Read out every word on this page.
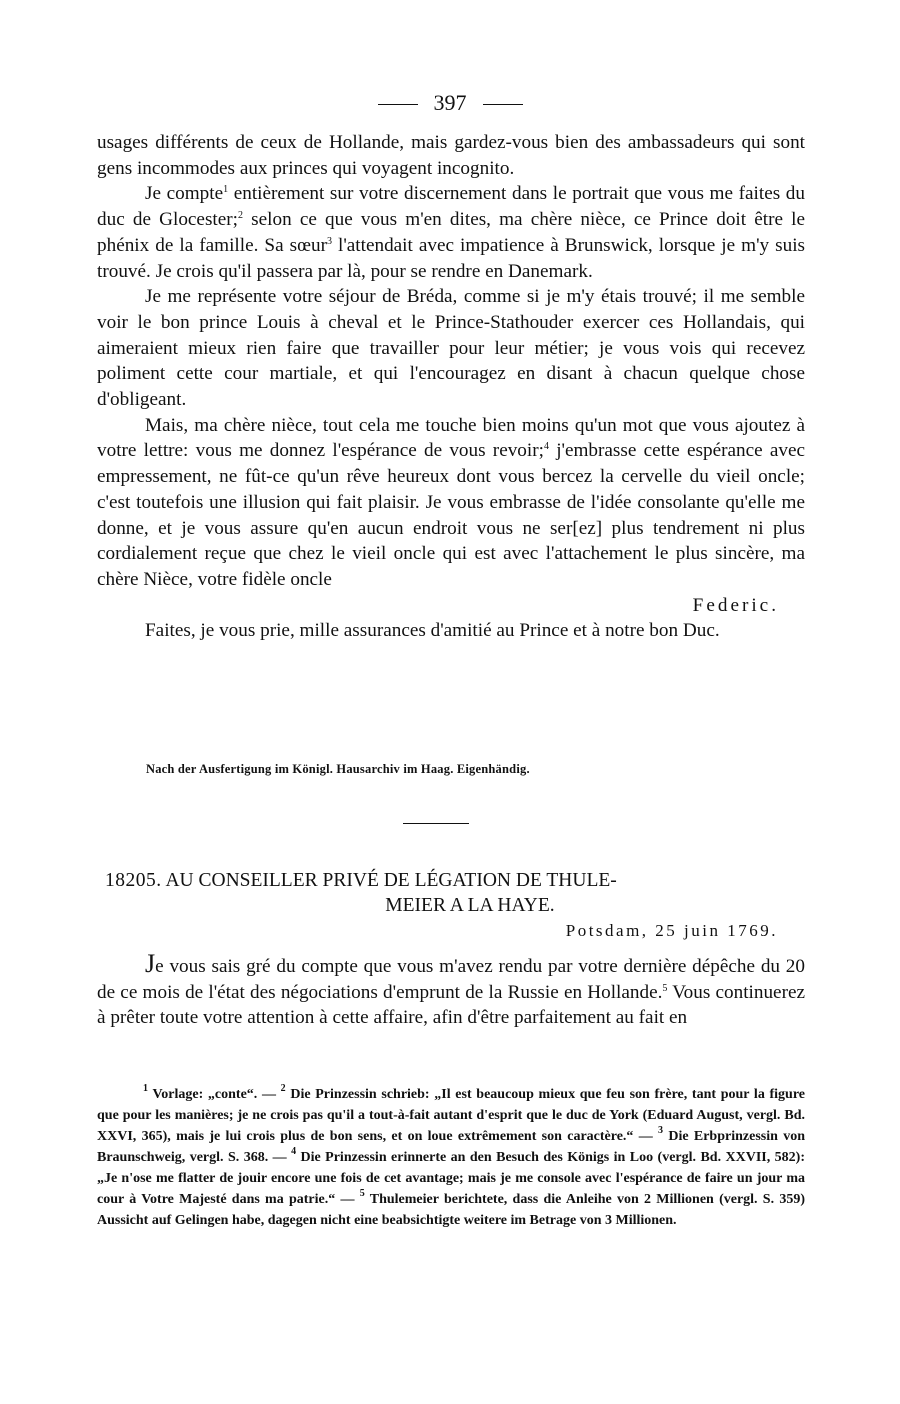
397

usages différents de ceux de Hollande, mais gardez-vous bien des ambassadeurs qui sont gens incommodes aux princes qui voyagent incognito.

Je compte$^1$ entièrement sur votre discernement dans le portrait que vous me faites du duc de Glocester;$^2$ selon ce que vous m'en dites, ma chère nièce, ce Prince doit être le phénix de la famille. Sa sœur$^3$ l'attendait avec impatience à Brunswick, lorsque je m'y suis trouvé. Je crois qu'il passera par là, pour se rendre en Danemark.

Je me représente votre séjour de Bréda, comme si je m'y étais trouvé; il me semble voir le bon prince Louis à cheval et le Prince-Stathouder exercer ces Hollandais, qui aimeraient mieux rien faire que travailler pour leur métier; je vous vois qui recevez poliment cette cour martiale, et qui l'encouragez en disant à chacun quelque chose d'obligeant.

Mais, ma chère nièce, tout cela me touche bien moins qu'un mot que vous ajoutez à votre lettre: vous me donnez l'espérance de vous revoir;$^4$ j'embrasse cette espérance avec empressement, ne fût-ce qu'un rêve heureux dont vous bercez la cervelle du vieil oncle; c'est toutefois une illusion qui fait plaisir. Je vous embrasse de l'idée consolante qu'elle me donne, et je vous assure qu'en aucun endroit vous ne ser[ez] plus tendrement ni plus cordialement reçue que chez le vieil oncle qui est avec l'attachement le plus sincère, ma chère Nièce, votre fidèle oncle

Federic.

Faites, je vous prie, mille assurances d'amitié au Prince et à notre bon Duc.

Nach der Ausfertigung im Königl. Hausarchiv im Haag. Eigenhändig.
18205. AU CONSEILLER PRIVÉ DE LÉGATION DE THULE-
MEIER A LA HAYE.
Potsdam, 25 juin 1769.

Je vous sais gré du compte que vous m'avez rendu par votre dernière dépêche du 20 de ce mois de l'état des négociations d'emprunt de la Russie en Hollande.$^5$ Vous continuerez à prêter toute votre attention à cette affaire, afin d'être parfaitement au fait en

$^1$ Vorlage: „conte“. — $^2$ Die Prinzessin schrieb: „Il est beaucoup mieux que feu son frère, tant pour la figure que pour les manières; je ne crois pas qu'il a tout-à-fait autant d'esprit que le duc de York (Eduard August, vergl. Bd. XXVI, 365), mais je lui crois plus de bon sens, et on loue extrêmement son caractère.“ — $^3$ Die Erbprinzessin von Braunschweig, vergl. S. 368. — $^4$ Die Prinzessin erinnerte an den Besuch des Königs in Loo (vergl. Bd. XXVII, 582): „Je n'ose me flatter de jouir encore une fois de cet avantage; mais je me console avec l'espérance de faire un jour ma cour à Votre Majesté dans ma patrie.“ — $^5$ Thulemeier berichtete, dass die Anleihe von 2 Millionen (vergl. S. 359) Aussicht auf Gelingen habe, dagegen nicht eine beabsichtigte weitere im Betrage von 3 Millionen.
